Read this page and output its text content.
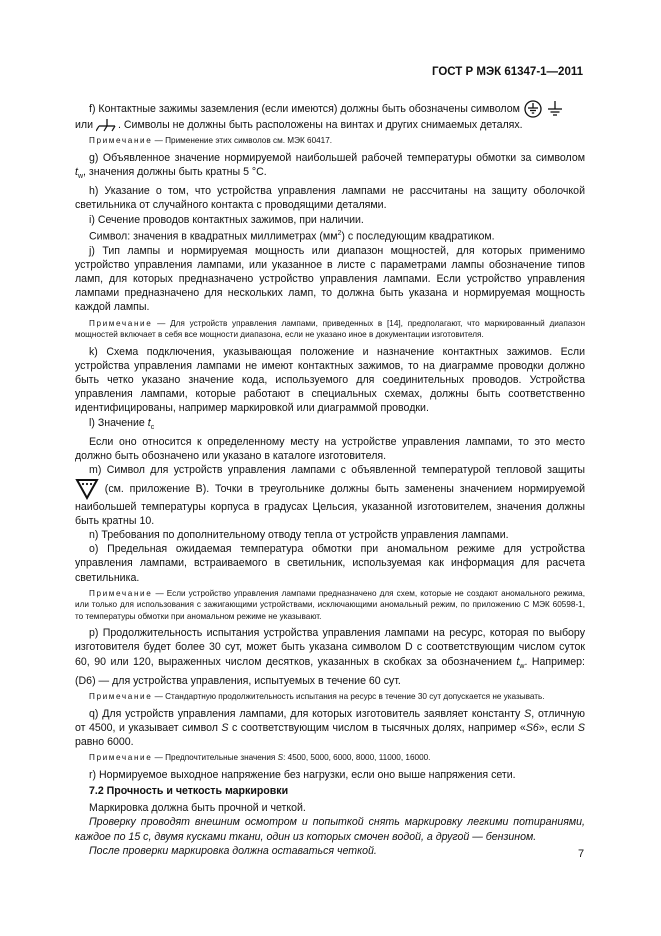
ГОСТ Р МЭК 61347-1—2011

f) Контактные зажимы заземления (если имеются) должны быть обозначены символом

или . Символы не должны быть расположены на винтах и других снимаемых деталях.

Примечание — Применение этих символов см. МЭК 60417.

g) Объявленное значение нормируемой наибольшей рабочей температуры обмотки за символом $t_w$, значения должны быть кратны 5 °С.

h) Указание о том, что устройства управления лампами не рассчитаны на защиту оболочкой светильника от случайного контакта с проводящими деталями.

i) Сечение проводов контактных зажимов, при наличии.

Символ: значения в квадратных миллиметрах $(мм^2)$ с последующим квадратиком.

j) Тип лампы и нормируемая мощность или диапазон мощностей, для которых применимо устройство управления лампами, или указанное в листе с параметрами лампы обозначение типов ламп, для которых предназначено устройство управления лампами. Если устройство управления лампами предназначено для нескольких ламп, то должна быть указана и нормируемая мощность каждой лампы.

Примечание — Для устройств управления лампами, приведенных в [14], предполагают, что маркированный диапазон мощностей включает в себя все мощности диапазона, если не указано иное в документации изготовителя.

k) Схема подключения, указывающая положение и назначение контактных зажимов. Если устройства управления лампами не имеют контактных зажимов, то на диаграмме проводки должно быть четко указано значение кода, используемого для соединительных проводов. Устройства управления лампами, которые работают в специальных схемах, должны быть соответственно идентифицированы, например маркировкой или диаграммой проводки.

l) Значение $t_c$

Если оно относится к определенному месту на устройстве управления лампами, то это место должно быть обозначено или указано в каталоге изготовителя.

m) Символ для устройств управления лампами с объявленной температурой тепловой защиты  (см. приложение В). Точки в треугольнике должны быть заменены значением нормируемой наибольшей температуры корпуса в градусах Цельсия, указанной изготовителем, значения должны быть кратны 10.

n) Требования по дополнительному отводу тепла от устройств управления лампами.

o) Предельная ожидаемая температура обмотки при аномальном режиме для устройства управления лампами, встраиваемого в светильник, используемая как информация для расчета светильника.

Примечание — Если устройство управления лампами предназначено для схем, которые не создают аномального режима, или только для использования с зажигающими устройствами, исключающими аномальный режим, по приложению С МЭК 60598-1, то температуры обмотки при аномальном режиме не указывают.

p) Продолжительность испытания устройства управления лампами на ресурс, которая по выбору изготовителя будет более 30 сут, может быть указана символом D с соответствующим числом суток 60, 90 или 120, выраженных числом десятков, указанных в скобках за обозначением $t_w$. Например: (D6) — для устройства управления, испытуемых в течение 60 сут.

Примечание — Стандартную продолжительность испытания на ресурс в течение 30 сут допускается не указывать.

q) Для устройств управления лампами, для которых изготовитель заявляет константу S, отличную от 4500, и указывает символ S с соответствующим числом в тысячных долях, например «S6», если S равно 6000.

Примечание — Предпочтительные значения S: 4500, 5000, 6000, 8000, 11000, 16000.

r) Нормируемое выходное напряжение без нагрузки, если оно выше напряжения сети.

7.2 Прочность и четкость маркировки

Маркировка должна быть прочной и четкой.

Проверку проводят внешним осмотром и попыткой снять маркировку легкими потираниями, каждое по 15 с, двумя кусками ткани, один из которых смочен водой, а другой — бензином.

После проверки маркировка должна оставаться четкой.	7
